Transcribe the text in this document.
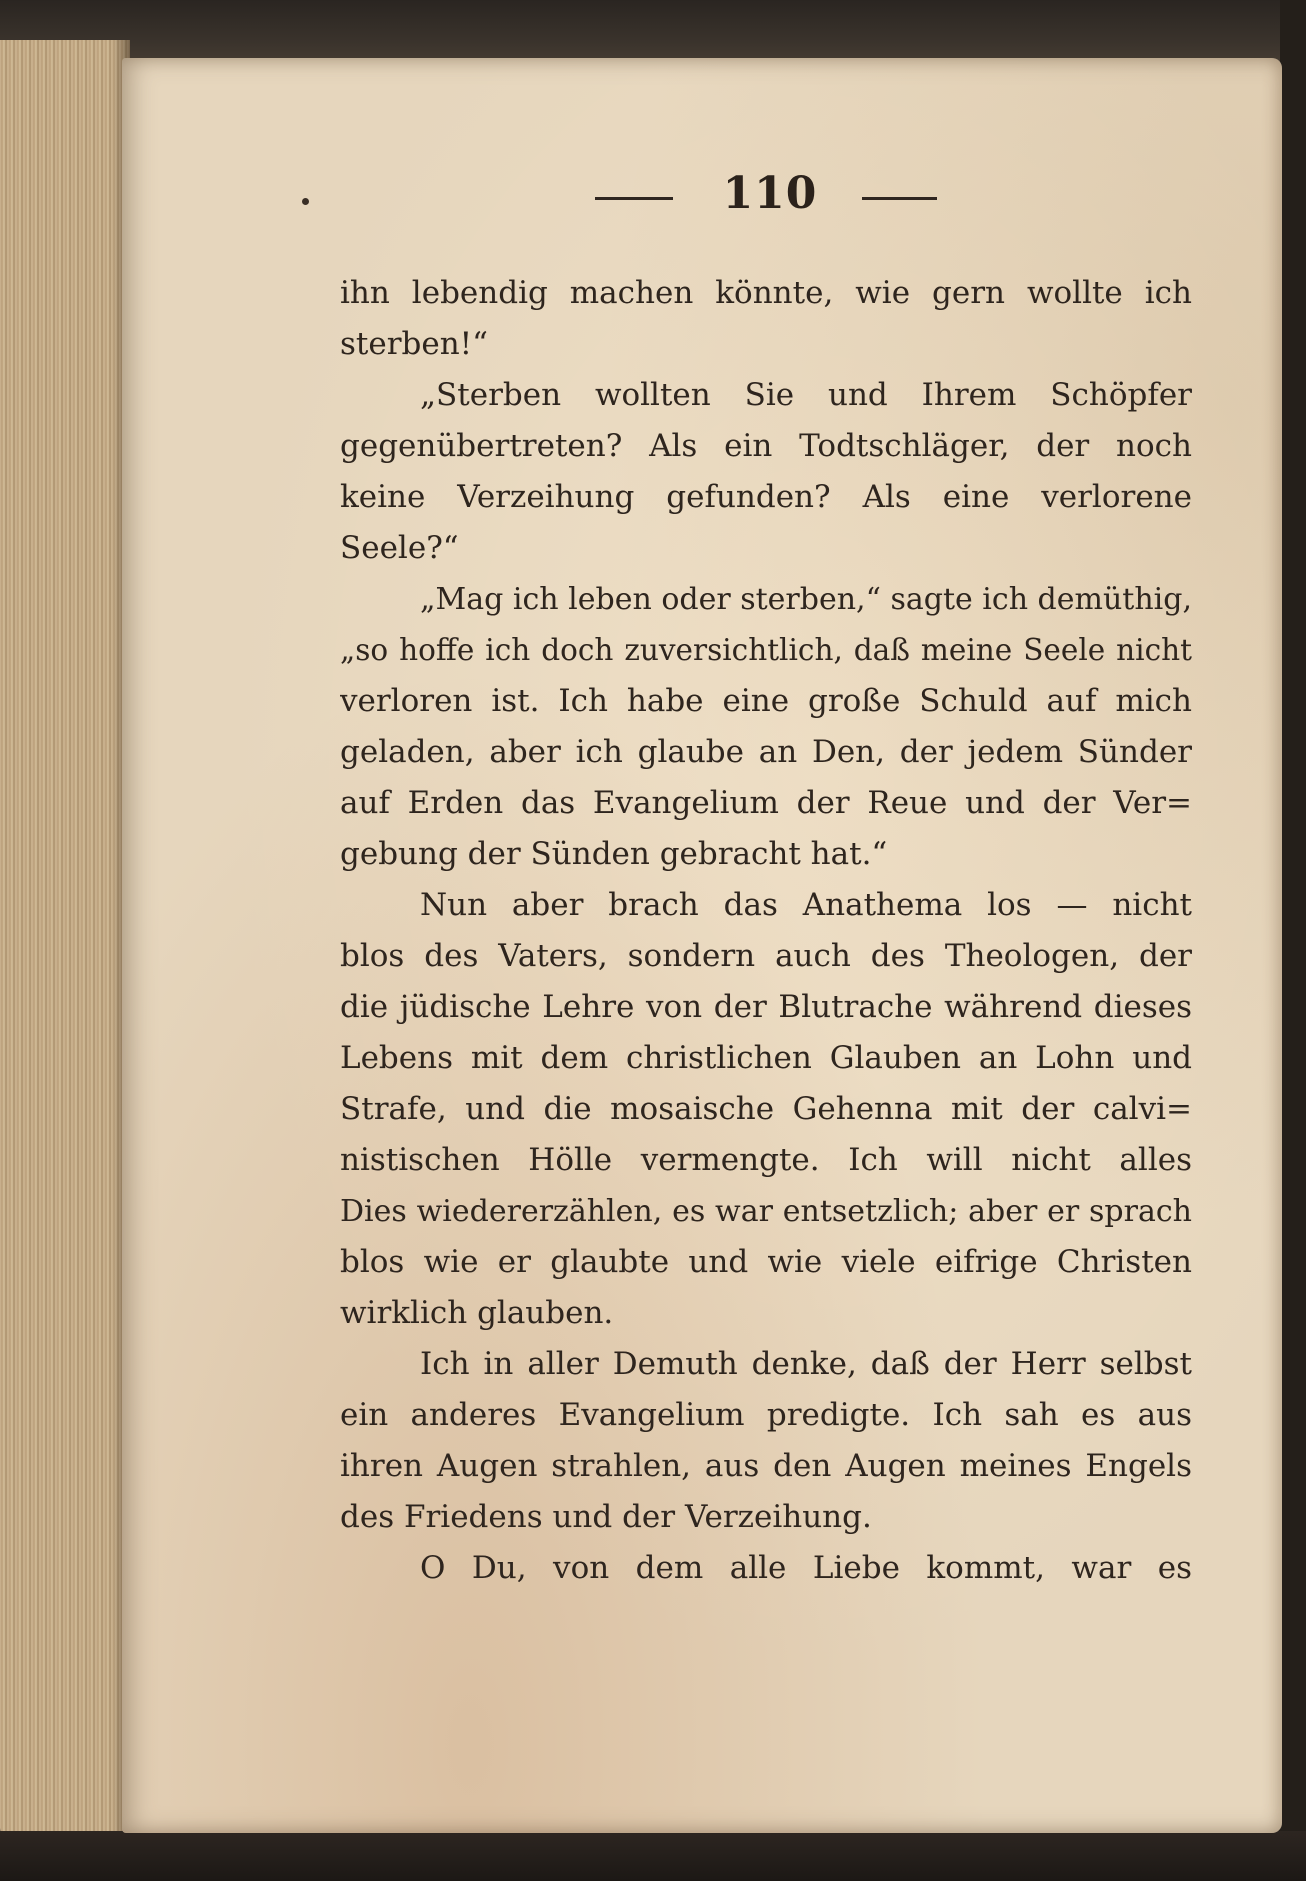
110
ihn lebendig machen könnte, wie gern wollte ich
sterben!“
„Sterben wollten Sie und Ihrem Schöpfer
gegenübertreten? Als ein Todtschläger, der noch
keine Verzeihung gefunden? Als eine verlorene
Seele?“
„Mag ich leben oder sterben,“ sagte ich demüthig,
„so hoffe ich doch zuversichtlich, daß meine Seele nicht
verloren ist. Ich habe eine große Schuld auf mich
geladen, aber ich glaube an Den, der jedem Sünder
auf Erden das Evangelium der Reue und der Ver=
gebung der Sünden gebracht hat.“
Nun aber brach das Anathema los — nicht
blos des Vaters, sondern auch des Theologen, der
die jüdische Lehre von der Blutrache während dieses
Lebens mit dem christlichen Glauben an Lohn und
Strafe, und die mosaische Gehenna mit der calvi=
nistischen Hölle vermengte. Ich will nicht alles
Dies wiedererzählen, es war entsetzlich; aber er sprach
blos wie er glaubte und wie viele eifrige Christen
wirklich glauben.
Ich in aller Demuth denke, daß der Herr selbst
ein anderes Evangelium predigte. Ich sah es aus
ihren Augen strahlen, aus den Augen meines Engels
des Friedens und der Verzeihung.
O Du, von dem alle Liebe kommt, war es
